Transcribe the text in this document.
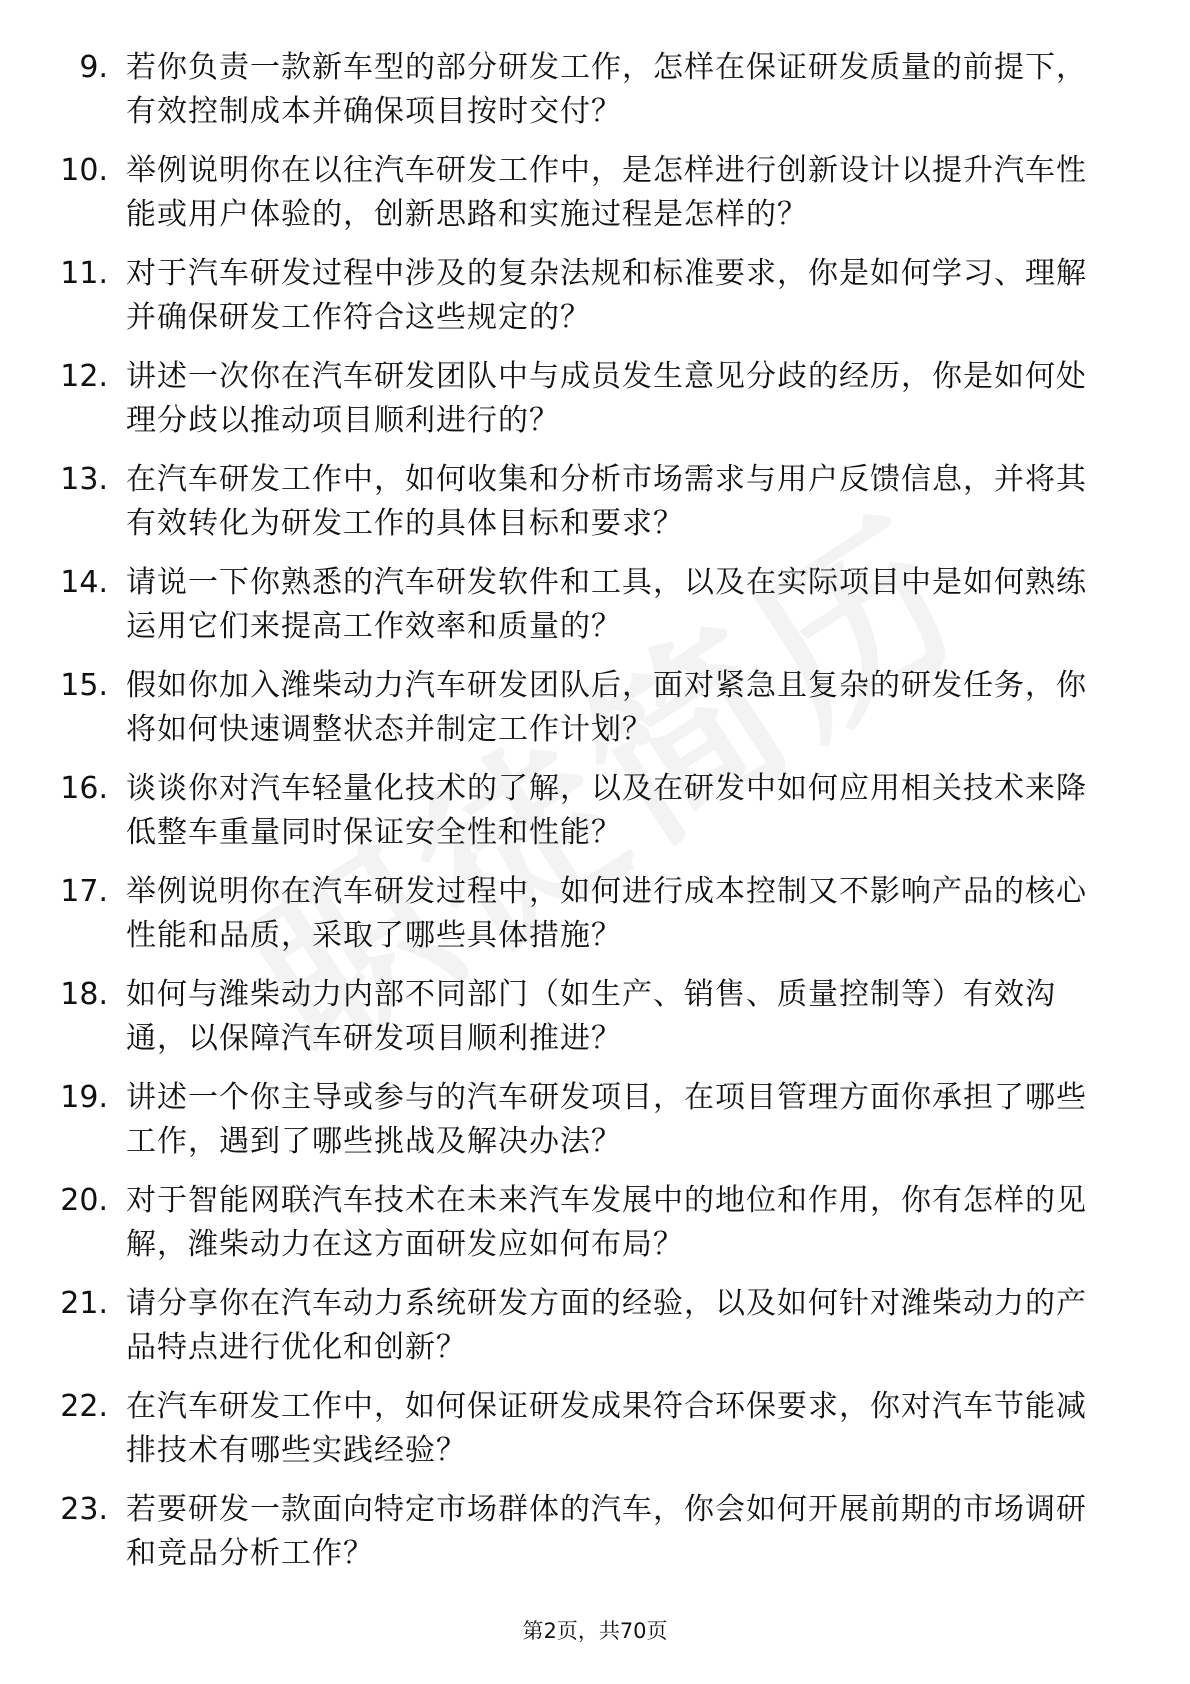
9. 若你负责一款新车型的部分研发工作，怎样在保证研发质量的前提下，有效控制成本并确保项目按时交付？
10. 举例说明你在以往汽车研发工作中，是怎样进行创新设计以提升汽车性能或用户体验的，创新思路和实施过程是怎样的？
11. 对于汽车研发过程中涉及的复杂法规和标准要求，你是如何学习、理解并确保研发工作符合这些规定的？
12. 讲述一次你在汽车研发团队中与成员发生意见分歧的经历，你是如何处理分歧以推动项目顺利进行的？
13. 在汽车研发工作中，如何收集和分析市场需求与用户反馈信息，并将其有效转化为研发工作的具体目标和要求？
14. 请说一下你熟悉的汽车研发软件和工具，以及在实际项目中是如何熟练运用它们来提高工作效率和质量的？
15. 假如你加入潍柴动力汽车研发团队后，面对紧急且复杂的研发任务，你将如何快速调整状态并制定工作计划？
16. 谈谈你对汽车轻量化技术的了解，以及在研发中如何应用相关技术来降低整车重量同时保证安全性和性能？
17. 举例说明你在汽车研发过程中，如何进行成本控制又不影响产品的核心性能和品质，采取了哪些具体措施？
18. 如何与潍柴动力内部不同部门（如生产、销售、质量控制等）有效沟通，以保障汽车研发项目顺利推进？
19. 讲述一个你主导或参与的汽车研发项目，在项目管理方面你承担了哪些工作，遇到了哪些挑战及解决办法？
20. 对于智能网联汽车技术在未来汽车发展中的地位和作用，你有怎样的见解，潍柴动力在这方面研发应如何布局？
21. 请分享你在汽车动力系统研发方面的经验，以及如何针对潍柴动力的产品特点进行优化和创新？
22. 在汽车研发工作中，如何保证研发成果符合环保要求，你对汽车节能减排技术有哪些实践经验？
23. 若要研发一款面向特定市场群体的汽车，你会如何开展前期的市场调研和竞品分析工作？
第2页，共70页
